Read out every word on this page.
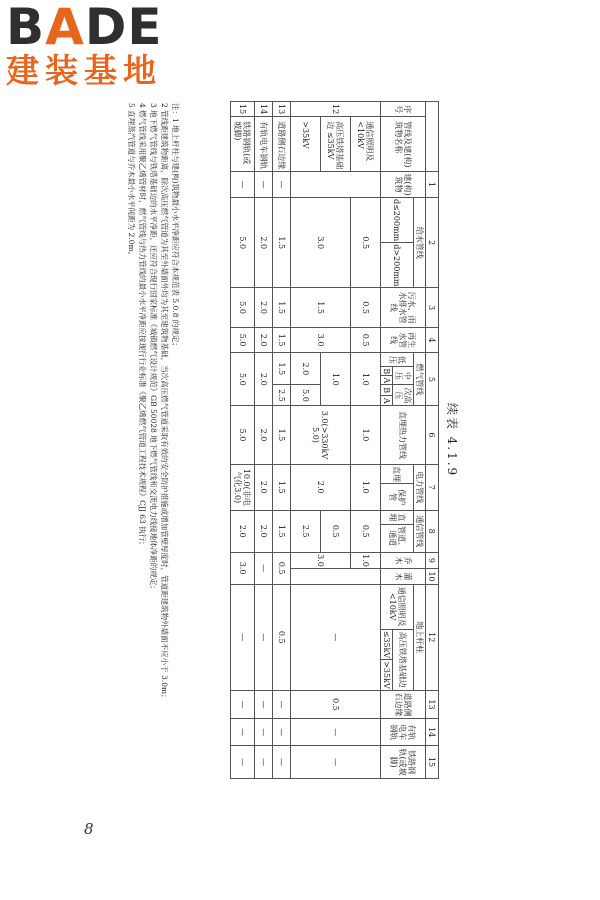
BADE
建装基地
续表 4.1.9
		1	2		3	4	5					6	7		8		9	10	12			13	14	15
序号	管线及建(构)筑物名称	建(构)筑物	给水管线		污水、雨水排水管线	再生水管线	燃气管线					直埋热力管线	电力管线		通信管线		乔木	灌木	地上杆柱			道路侧石边缘	有轨电车钢轨	铁路钢轨(或坡脚)
			d≤200mm	d>200mm			低压	中压		次高压			直埋	保护管	直埋	管道、通道			通信照明及<10kV	高压铁塔基础边				
								B	A	B	A									≤35kV	>35kV			
12	通信照明及<10kV		0.5		0.5	0.5	1.0					1.0	1.0		0.5		1.0		—			0.5	—	—
	高压铁塔基础边 ≤35kV		3.0		1.5	3.0	1.0					3.0(>330kV 5.0)	2.0		0.5		3.0							
	>35kV						2.0			5.0					2.5									
13	道路侧石边缘	—	1.5		1.5	1.5	1.5			2.5		1.5	1.5		1.5		0.5		0.5			—	—	—
14	有轨电车钢轨	—	2.0		2.0	2.0	2.0					2.0	2.0		2.0		—		—			—	—	—
15	铁路钢轨(或坡脚)	—	5.0		5.0	5.0	5.0					5.0	10.0(非电气化3.0)		2.0		3.0		—			—	—	—
注：1 地上杆柱与建(构)筑物最小水平净距应符合本规范表 5.0.8 的规定；
2 管线距建筑物距离，除次高压燃气管道为其至外墙面外均为其至建筑物基础，当次高压燃气管道采取有效的安全防护措施或增加管壁厚度时，管道距建筑物外墙面不应小于 3.0m；
3 地下燃气管线与铁塔基础边的水平净距，还应符合现行国家标准《城镇燃气设计规范》GB 50028 地下燃气管线和交流电力线接地体净距的规定；
4 燃气管线采用聚乙烯管材时，燃气管线与热力管线的最小水平净距应按现行行业标准《聚乙烯燃气管道工程技术规程》CJJ 63 执行；
5 直埋蒸汽管道与乔木最小水平间距为 2.0m。
8
